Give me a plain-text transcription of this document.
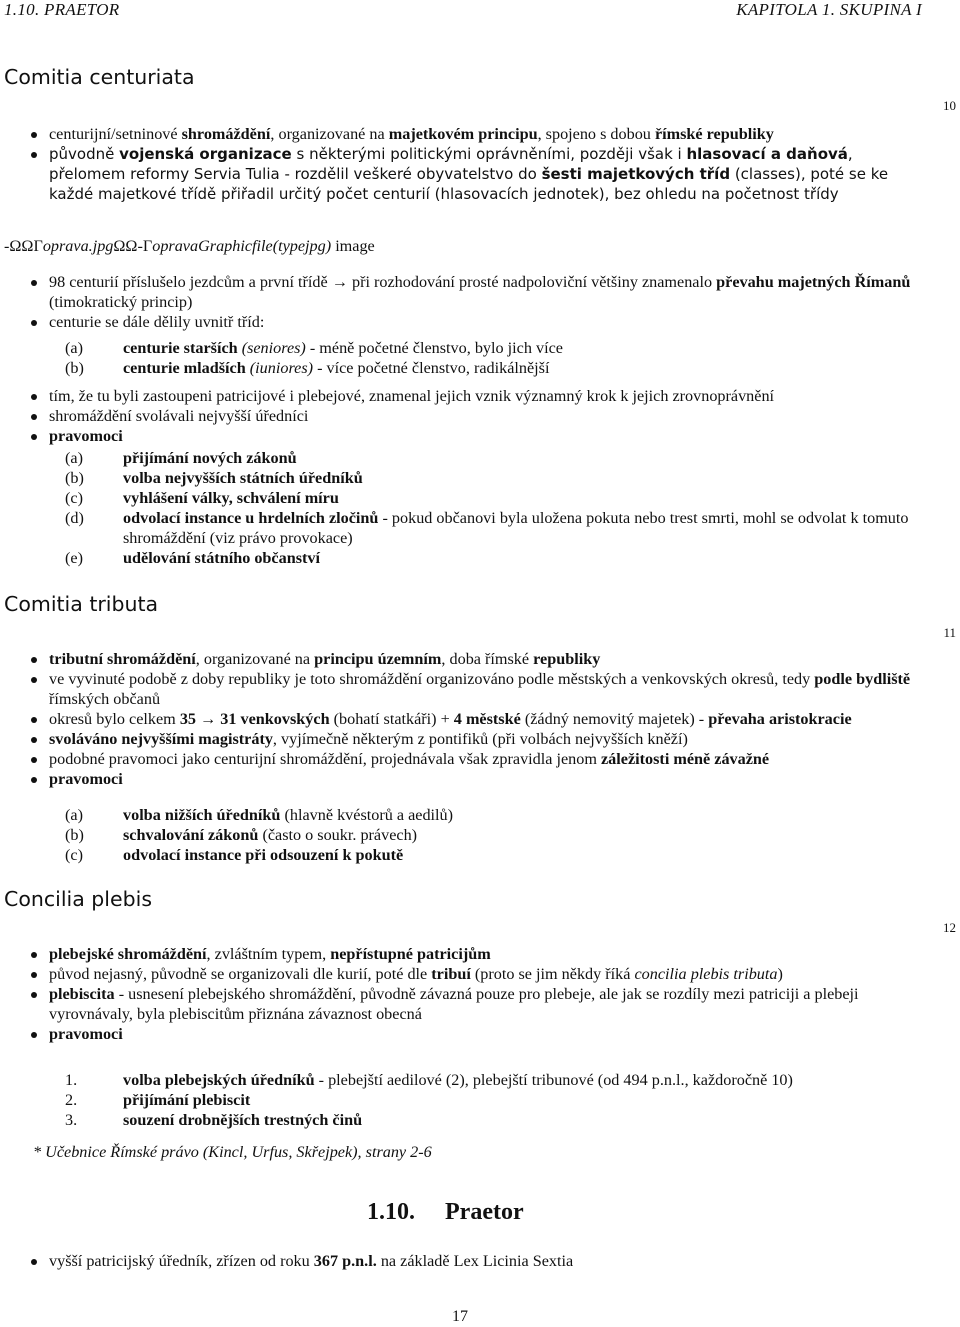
1.10. PRAETOR	KAPITOLA 1. SKUPINA I
Comitia centuriata
10
centurijní/setninové shromáždění, organizované na majetkovém principu, spojeno s dobou římské republiky
původně vojenská organizace s některými politickými oprávněními, později však i hlasovací a daňová, přelomem reformy Servia Tulia - rozdělil veškeré obyvatelstvo do šesti majetkových tříd (classes), poté se ke každé majetkové třídě přiřadil určitý počet centurií (hlasovacích jednotek), bez ohledu na početnost třídy
-ΩΩΓoprava.jpgΩΩ-ΓopravaGraphicfile(typejpg) image
98 centurií příslušelo jezdcům a první třídě → při rozhodování prosté nadpoloviční většiny znamenalo převahu majetných Římanů (timokratický princip)
centurie se dále dělily uvnitř tříd:
(a) centurie starších (seniores) - méně početné členstvo, bylo jich více
(b) centurie mladších (iuniores) - více početné členstvo, radikálnější
tím, že tu byli zastoupeni patricijové i plebejové, znamenal jejich vznik významný krok k jejich zrovnoprávnění
shromáždění svolávali nejvyšší úředníci
pravomoci
(a) přijímání nových zákonů
(b) volba nejvyšších státních úředníků
(c) vyhlášení války, schválení míru
(d) odvolací instance u hrdelních zločinů - pokud občanovi byla uložena pokuta nebo trest smrti, mohl se odvolat k tomuto shromáždění (viz právo provokace)
(e) udělování státního občanství
Comitia tributa
11
tributní shromáždění, organizované na principu územním, doba římské republiky
ve vyvinuté podobě z doby republiky je toto shromáždění organizováno podle městských a venkovských okresů, tedy podle bydliště římských občanů
okresů bylo celkem 35 → 31 venkovských (bohatí statkáři) + 4 městské (žádný nemovitý majetek) - převaha aristokracie
svoláváno nejvyššími magistráty, vyjímečně některým z pontifiků (při volbách nejvyšších kněží)
podobné pravomoci jako centurijní shromáždění, projednávala však zpravidla jenom záležitosti méně závažné
pravomoci
(a) volba nižších úředníků (hlavně kvéstorů a aedilů)
(b) schvalování zákonů (často o soukr. právech)
(c) odvolací instance při odsouzení k pokutě
Concilia plebis
12
plebejské shromáždění, zvláštním typem, nepřístupné patricijům
původ nejasný, původně se organizovali dle kurií, poté dle tribuí (proto se jim někdy říká concilia plebis tributa)
plebiscita - usnesení plebejského shromáždění, původně závazná pouze pro plebeje, ale jak se rozdíly mezi patriciji a plebeji vyrovnávaly, byla plebiscitům přiznána závaznost obecná
pravomoci
1.	volba plebejských úředníků - plebejští aedilové (2), plebejští tribunové (od 494 p.n.l., každoročně 10)
2.	přijímání plebiscit
3.	souzení drobnějších trestných činů
* Učebnice Římské právo (Kincl, Urfus, Skřejpek), strany 2-6
1.10. Praetor
vyšší patricijský úředník, zřízen od roku 367 p.n.l. na základě Lex Licinia Sextia
17
